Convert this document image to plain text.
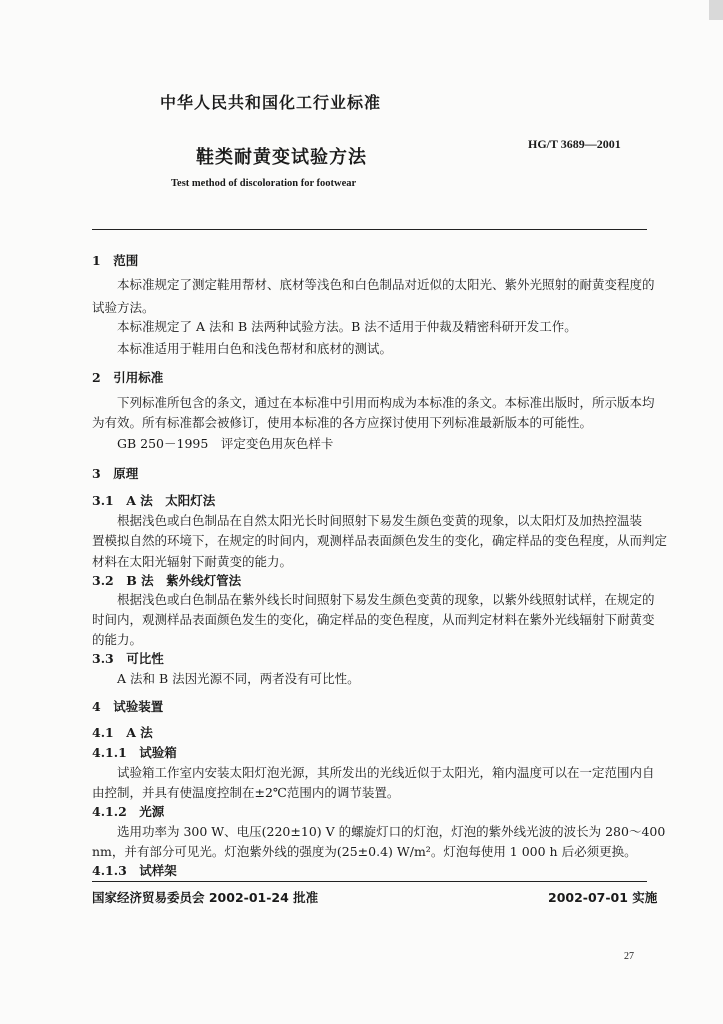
中华人民共和国化工行业标准
鞋类耐黄变试验方法
HG/T 3689—2001
Test method of discoloration for footwear
1　范围
本标准规定了测定鞋用帮材、底材等浅色和白色制品对近似的太阳光、紫外光照射的耐黄变程度的
试验方法。
本标准规定了 A 法和 B 法两种试验方法。B 法不适用于仲裁及精密科研开发工作。
本标准适用于鞋用白色和浅色帮材和底材的测试。
2　引用标准
下列标准所包含的条文，通过在本标准中引用而构成为本标准的条文。本标准出版时，所示版本均
为有效。所有标准都会被修订，使用本标准的各方应探讨使用下列标准最新版本的可能性。
GB 250－1995　评定变色用灰色样卡
3　原理
3.1　A 法　太阳灯法
根据浅色或白色制品在自然太阳光长时间照射下易发生颜色变黄的现象，以太阳灯及加热控温装
置模拟自然的环境下，在规定的时间内，观测样品表面颜色发生的变化，确定样品的变色程度，从而判定
材料在太阳光辐射下耐黄变的能力。
3.2　B 法　紫外线灯管法
根据浅色或白色制品在紫外线长时间照射下易发生颜色变黄的现象，以紫外线照射试样，在规定的
时间内，观测样品表面颜色发生的变化，确定样品的变色程度，从而判定材料在紫外光线辐射下耐黄变
的能力。
3.3　可比性
A 法和 B 法因光源不同，两者没有可比性。
4　试验装置
4.1　A 法
4.1.1　试验箱
试验箱工作室内安装太阳灯泡光源，其所发出的光线近似于太阳光，箱内温度可以在一定范围内自
由控制，并具有使温度控制在±2℃范围内的调节装置。
4.1.2　光源
选用功率为 300 W、电压(220±10) V 的螺旋灯口的灯泡，灯泡的紫外线光波的波长为 280～400
nm，并有部分可见光。灯泡紫外线的强度为(25±0.4) W/m²。灯泡每使用 1 000 h 后必须更换。
4.1.3　试样架
国家经济贸易委员会 2002-01-24 批准	2002-07-01 实施
27
